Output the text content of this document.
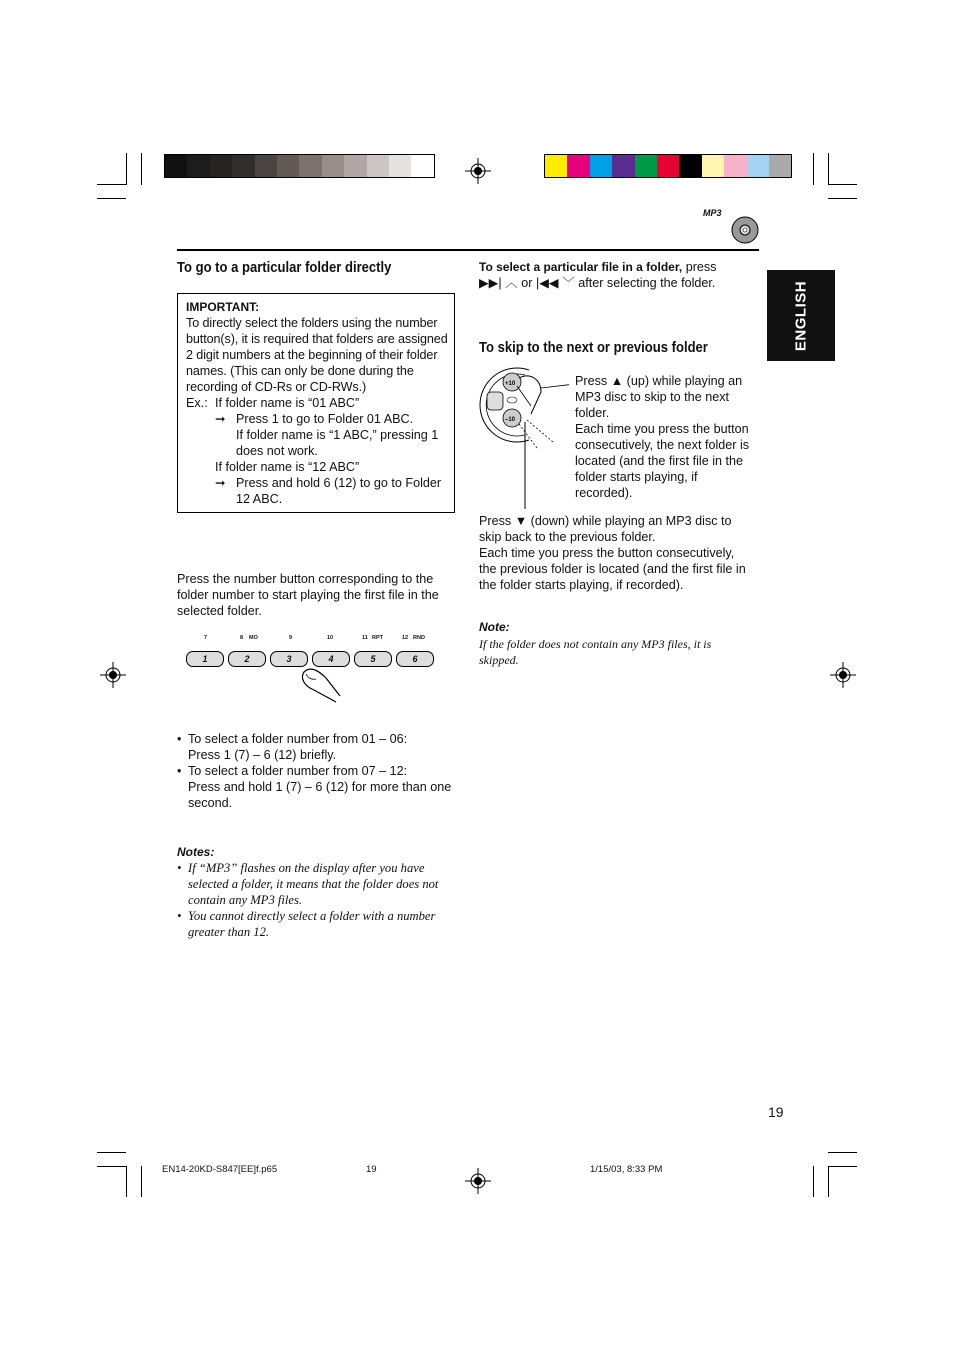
MP3
ENGLISH
To go to a particular folder directly
IMPORTANT:
To directly select the folders using the number button(s), it is required that folders are assigned 2 digit numbers at the beginning of their folder names. (This can only be done during the recording of CD-Rs or CD-RWs.)
Ex.: If folder name is “01 ABC”
➞ Press 1 to go to Folder 01 ABC.
If folder name is “1 ABC,” pressing 1 does not work.
If folder name is “12 ABC”
➞ Press and hold 6 (12) to go to Folder 12 ABC.
Press the number button corresponding to the folder number to start playing the first file in the selected folder.
7	8 MO	9	10	11 RPT	12 RND
1	2	3	4	5	6
• To select a folder number from 01 – 06:
Press 1 (7) – 6 (12) briefly.
• To select a folder number from 07 – 12:
Press and hold 1 (7) – 6 (12) for more than one second.
Notes:
• If “MP3” flashes on the display after you have selected a folder, it means that the folder does not contain any MP3 files.
• You cannot directly select a folder with a number greater than 12.
To select a particular file in a folder, press
▶▶| ︿ or |◀◀ ﹀ after selecting the folder.
To skip to the next or previous folder
+10
–10
Press ▲ (up) while playing an MP3 disc to skip to the next folder.
Each time you press the button consecutively, the next folder is located (and the first file in the folder starts playing, if recorded).
Press ▼ (down) while playing an MP3 disc to skip back to the previous folder.
Each time you press the button consecutively, the previous folder is located (and the first file in the folder starts playing, if recorded).
Note:
If the folder does not contain any MP3 files, it is skipped.
19
EN14-20KD-S847[EE]f.p65	19	1/15/03, 8:33 PM
